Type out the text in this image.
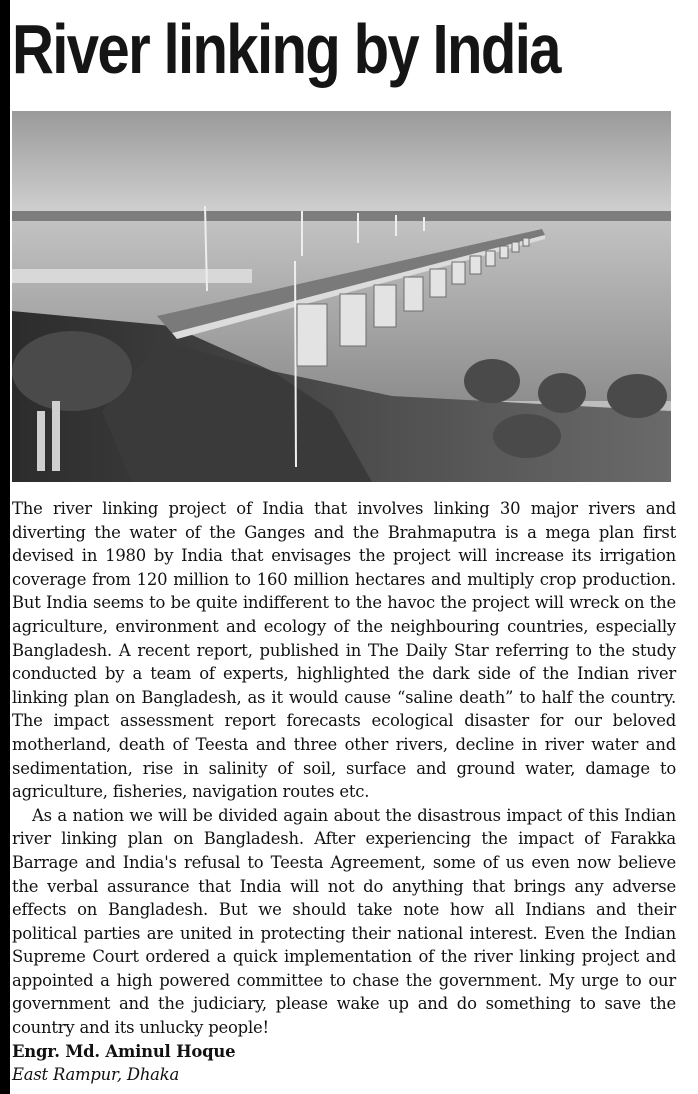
River linking by India

The river linking project of India that involves linking 30 major rivers and diverting the water of the Ganges and the Brahmaputra is a mega plan first devised in 1980 by India that envisages the project will increase its irrigation coverage from 120 million to 160 million hectares and multiply crop production. But India seems to be quite indifferent to the havoc the project will wreck on the agriculture, environment and ecology of the neighbouring countries, especially Bangladesh. A recent report, published in The Daily Star referring to the study conducted by a team of experts, highlighted the dark side of the Indian river linking plan on Bangladesh, as it would cause “saline death” to half the country. The impact assessment report forecasts ecological disaster for our beloved motherland, death of Teesta and three other rivers, decline in river water and sedimentation, rise in salinity of soil, surface and ground water, damage to agriculture, fisheries, navigation routes etc.

As a nation we will be divided again about the disastrous impact of this Indian river linking plan on Bangladesh. After experiencing the impact of Farakka Barrage and India's refusal to Teesta Agreement, some of us even now believe the verbal assurance that India will not do anything that brings any adverse effects on Bangladesh. But we should take note how all Indians and their political parties are united in protecting their national interest. Even the Indian Supreme Court ordered a quick implementation of the river linking project and appointed a high powered committee to chase the government. My urge to our government and the judiciary, please wake up and do something to save the country and its unlucky people!

Engr. Md. Aminul Hoque

East Rampur, Dhaka
